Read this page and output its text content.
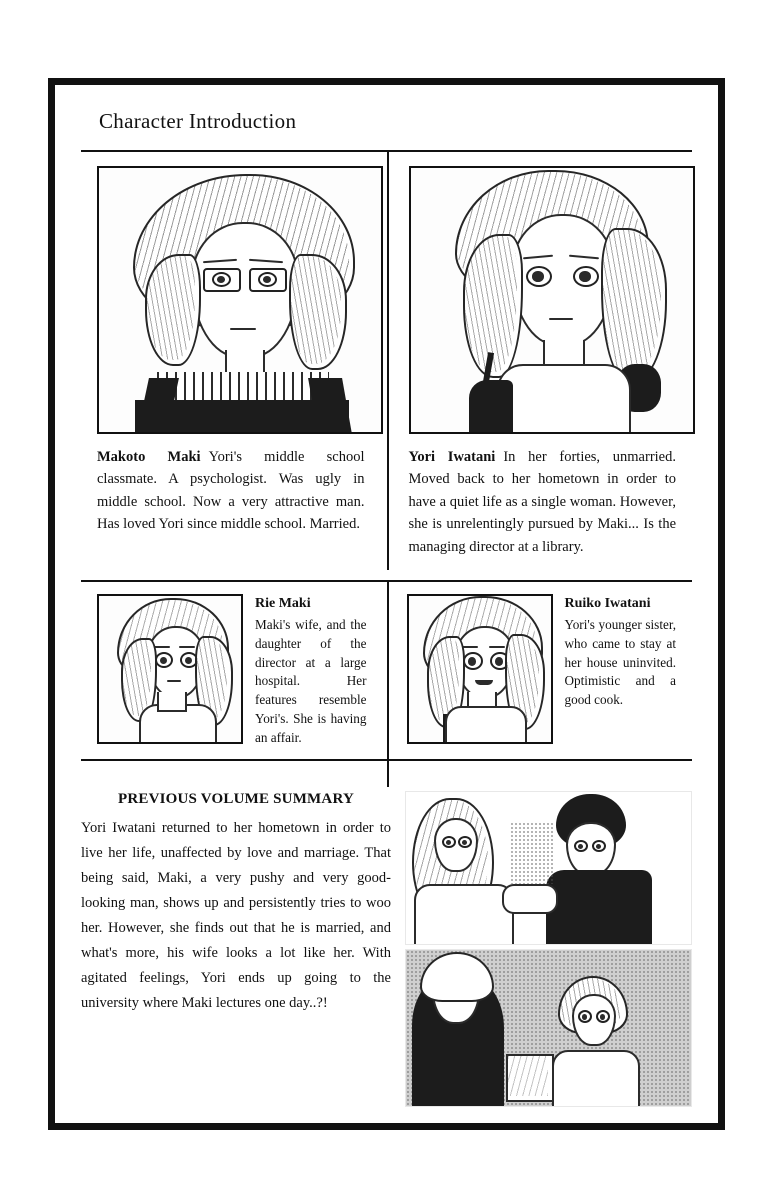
Character Introduction
Makoto Maki Yori's middle school classmate. A psychologist. Was ugly in middle school. Now a very attractive man. Has loved Yori since middle school. Married.
Yori Iwatani In her forties, unmarried. Moved back to her hometown in order to have a quiet life as a single woman. However, she is unrelentingly pursued by Maki... Is the managing director at a library.
Rie Maki
Maki's wife, and the daughter of the director at a large hospital. Her features resemble Yori's. She is having an affair.
Ruiko Iwatani
Yori's younger sister, who came to stay at her house uninvited. Optimistic and a good cook.
PREVIOUS VOLUME SUMMARY

Yori Iwatani returned to her hometown in order to live her life, unaffected by love and marriage. That being said, Maki, a very pushy and very good-looking man, shows up and persistently tries to woo her. However, she finds out that he is married, and what's more, his wife looks a lot like her. With agitated feelings, Yori ends up going to the university where Maki lectures one day..?!
